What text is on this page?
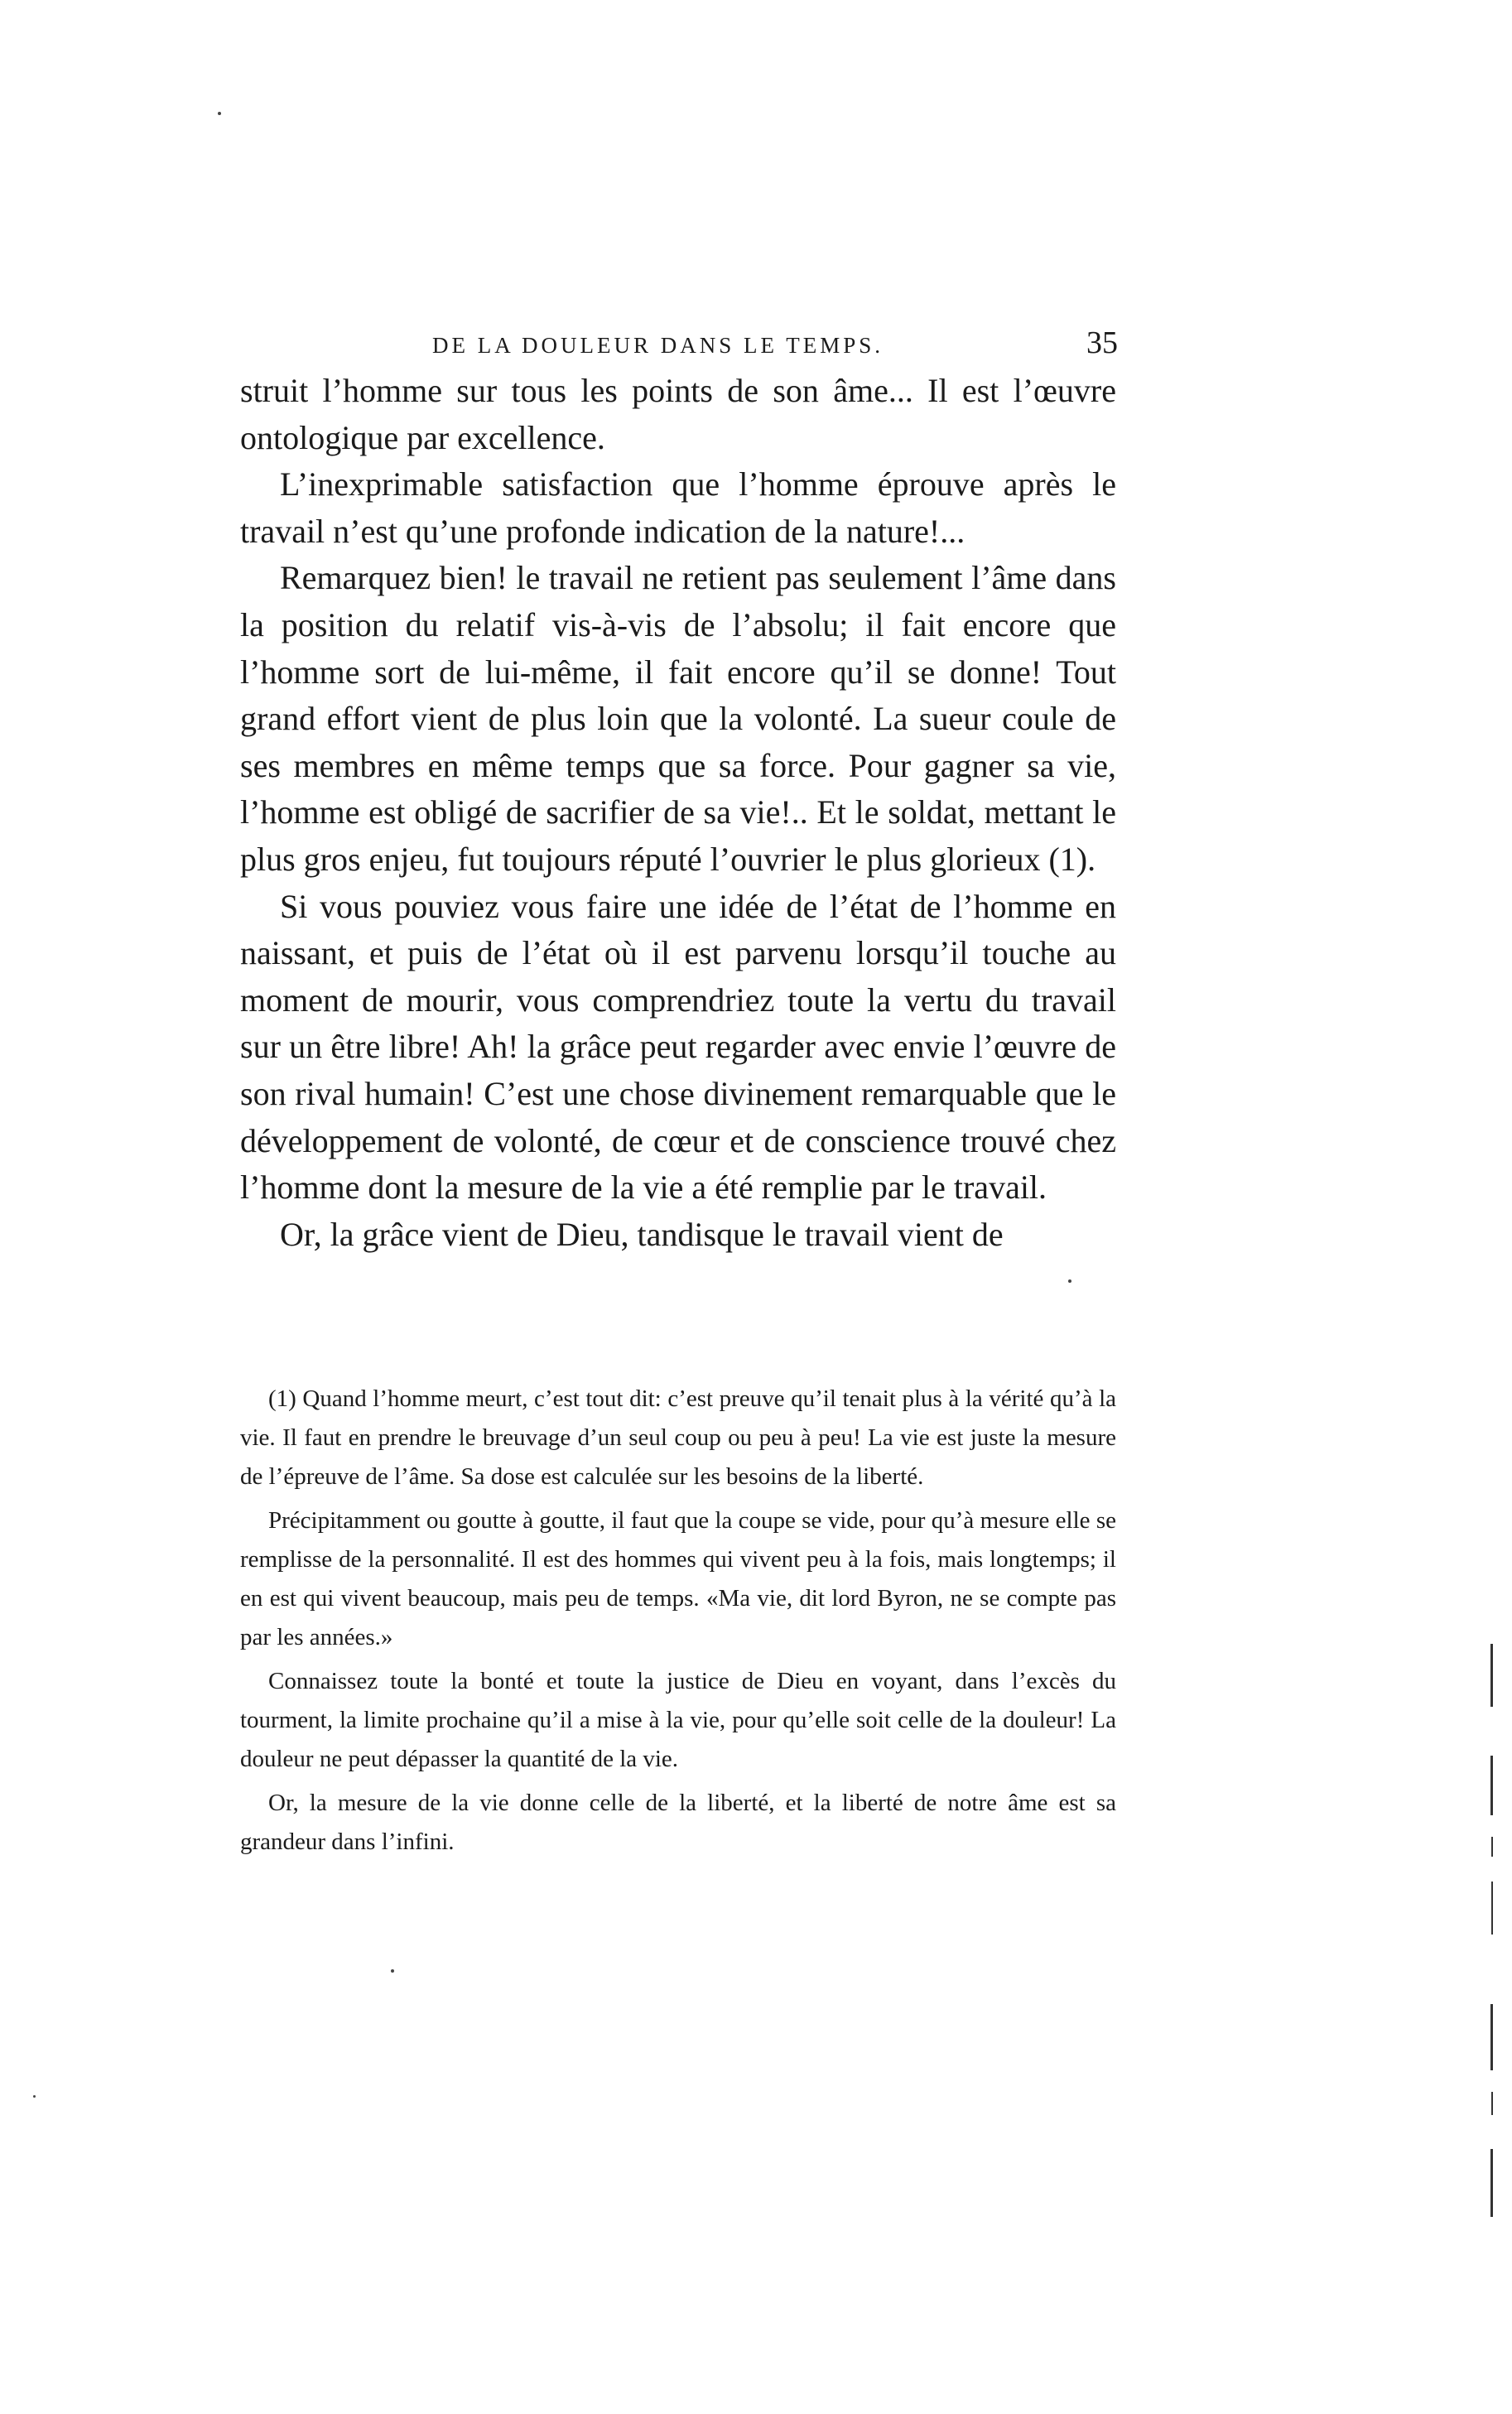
DE LA DOULEUR DANS LE TEMPS.	35

struit l’homme sur tous les points de son âme... Il est l’œuvre ontologique par excellence.

L’inexprimable satisfaction que l’homme éprouve après le travail n’est qu’une profonde indication de la nature!...

Remarquez bien! le travail ne retient pas seulement l’âme dans la position du relatif vis-à-vis de l’absolu; il fait encore que l’homme sort de lui-même, il fait encore qu’il se donne! Tout grand effort vient de plus loin que la volonté. La sueur coule de ses membres en même temps que sa force. Pour gagner sa vie, l’homme est obligé de sacrifier de sa vie!.. Et le soldat, mettant le plus gros enjeu, fut toujours réputé l’ouvrier le plus glorieux (1).

Si vous pouviez vous faire une idée de l’état de l’homme en naissant, et puis de l’état où il est parvenu lorsqu’il touche au moment de mourir, vous comprendriez toute la vertu du travail sur un être libre! Ah! la grâce peut regarder avec envie l’œuvre de son rival humain! C’est une chose divinement remarquable que le développement de volonté, de cœur et de conscience trouvé chez l’homme dont la mesure de la vie a été remplie par le travail.

Or, la grâce vient de Dieu, tandisque le travail vient de

(1) Quand l’homme meurt, c’est tout dit: c’est preuve qu’il tenait plus à la vérité qu’à la vie. Il faut en prendre le breuvage d’un seul coup ou peu à peu! La vie est juste la mesure de l’épreuve de l’âme. Sa dose est calculée sur les besoins de la liberté.

Précipitamment ou goutte à goutte, il faut que la coupe se vide, pour qu’à mesure elle se remplisse de la personnalité. Il est des hommes qui vivent peu à la fois, mais longtemps; il en est qui vivent beaucoup, mais peu de temps. «Ma vie, dit lord Byron, ne se compte pas par les années.»

Connaissez toute la bonté et toute la justice de Dieu en voyant, dans l’excès du tourment, la limite prochaine qu’il a mise à la vie, pour qu’elle soit celle de la douleur! La douleur ne peut dépasser la quantité de la vie.

Or, la mesure de la vie donne celle de la liberté, et la liberté de notre âme est sa grandeur dans l’infini.
